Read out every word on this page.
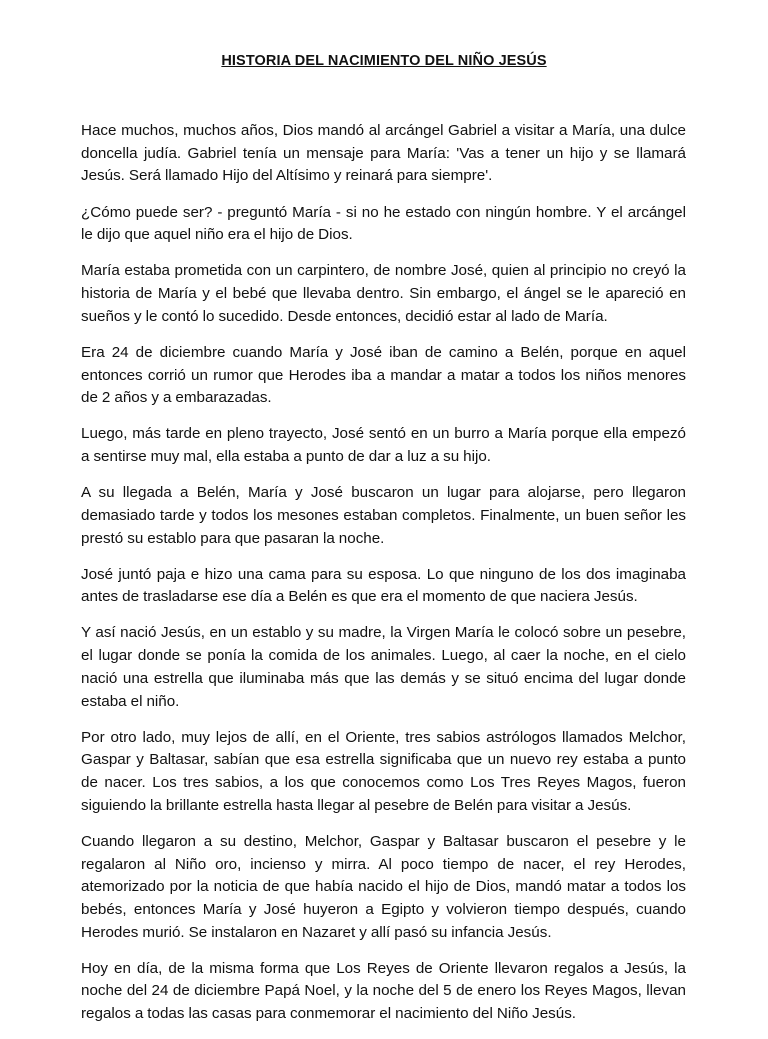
HISTORIA DEL NACIMIENTO DEL NIÑO JESÚS

Hace muchos, muchos años, Dios mandó al arcángel Gabriel a visitar a María, una dulce doncella judía. Gabriel tenía un mensaje para María: 'Vas a tener un hijo y se llamará Jesús. Será llamado Hijo del Altísimo y reinará para siempre'.

¿Cómo puede ser? - preguntó María - si no he estado con ningún hombre. Y el arcángel le dijo que aquel niño era el hijo de Dios.

María estaba prometida con un carpintero, de nombre José, quien al principio no creyó la historia de María y el bebé que llevaba dentro. Sin embargo, el ángel se le apareció en sueños y le contó lo sucedido. Desde entonces, decidió estar al lado de María.

Era 24 de diciembre cuando María y José iban de camino a Belén, porque en aquel entonces corrió un rumor que Herodes iba a mandar a matar a todos los niños menores de 2 años y a embarazadas.

Luego, más tarde en pleno trayecto, José sentó en un burro a María porque ella empezó a sentirse muy mal, ella estaba a punto de dar a luz a su hijo.

A su llegada a Belén, María y José buscaron un lugar para alojarse, pero llegaron demasiado tarde y todos los mesones estaban completos. Finalmente, un buen señor les prestó su establo para que pasaran la noche.

José juntó paja e hizo una cama para su esposa. Lo que ninguno de los dos imaginaba antes de trasladarse ese día a Belén es que era el momento de que naciera Jesús.

Y así nació Jesús, en un establo y su madre, la Virgen María le colocó sobre un pesebre, el lugar donde se ponía la comida de los animales. Luego, al caer la noche, en el cielo nació una estrella que iluminaba más que las demás y se situó encima del lugar donde estaba el niño.

Por otro lado, muy lejos de allí, en el Oriente, tres sabios astrólogos llamados Melchor, Gaspar y Baltasar, sabían que esa estrella significaba que un nuevo rey estaba a punto de nacer. Los tres sabios, a los que conocemos como Los Tres Reyes Magos, fueron siguiendo la brillante estrella hasta llegar al pesebre de Belén para visitar a Jesús.

Cuando llegaron a su destino, Melchor, Gaspar y Baltasar buscaron el pesebre y le regalaron al Niño oro, incienso y mirra. Al poco tiempo de nacer, el rey Herodes, atemorizado por la noticia de que había nacido el hijo de Dios, mandó matar a todos los bebés, entonces María y José huyeron a Egipto y volvieron tiempo después, cuando Herodes murió. Se instalaron en Nazaret y allí pasó su infancia Jesús.

Hoy en día, de la misma forma que Los Reyes de Oriente llevaron regalos a Jesús, la noche del 24 de diciembre Papá Noel, y la noche del 5 de enero los Reyes Magos, llevan regalos a todas las casas para conmemorar el nacimiento del Niño Jesús.
